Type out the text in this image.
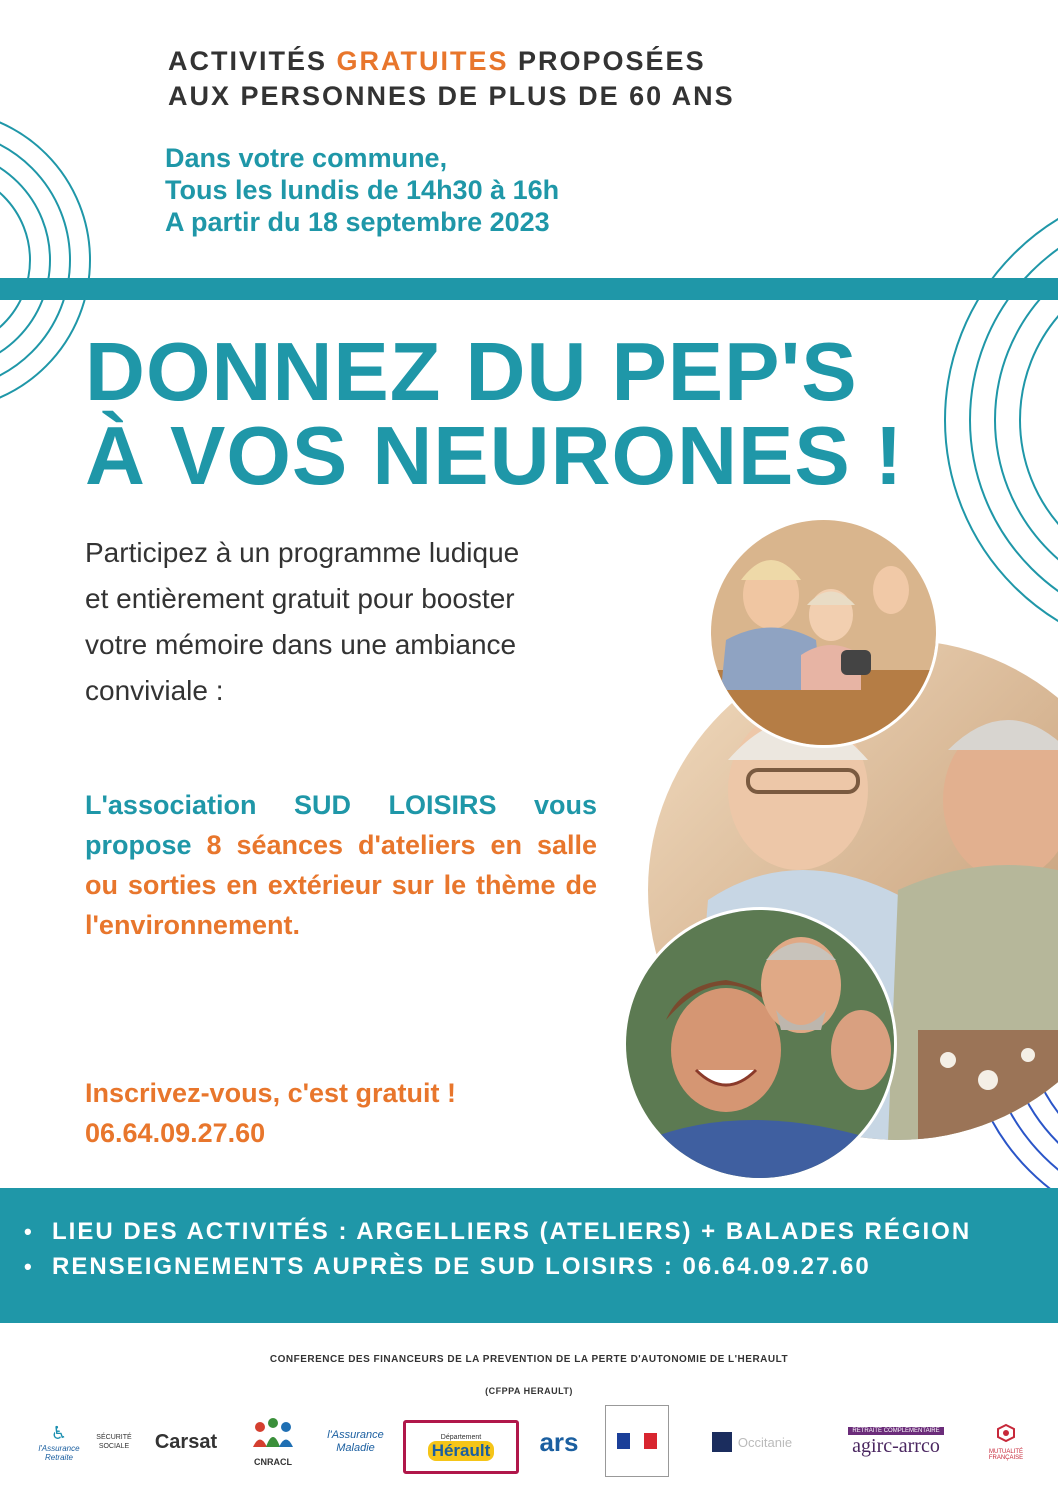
ACTIVITÉS GRATUITES PROPOSÉES
AUX PERSONNES DE PLUS DE 60 ANS
Dans votre commune,
Tous les lundis de 14h30 à 16h
A partir du 18 septembre 2023
DONNEZ DU PEP'S
À VOS NEURONES !
Participez à un programme ludique
et entièrement gratuit pour booster
votre mémoire dans une ambiance
conviviale :
L'association SUD LOISIRS vous propose 8 séances d'ateliers en salle ou sorties en extérieur sur le thème de l'environnement.
Inscrivez-vous, c'est gratuit !
06.64.09.27.60
• LIEU DES ACTIVITÉS : ARGELLIERS (ATELIERS) + BALADES RÉGION
• RENSEIGNEMENTS AUPRÈS DE SUD LOISIRS : 06.64.09.27.60
CONFERENCE DES FINANCEURS DE LA PREVENTION DE LA PERTE D'AUTONOMIE DE L'HERAULT
(CFPPA HERAULT)
♿
l'Assurance Retraite
SÉCURITÉ SOCIALE Carsat
CNRACL
l'Assurance Maladie
Département
Hérault ars	Occitanie
RETRAITE COMPLÉMENTAIRE
agirc-arrco	MUTUALITÉ FRANÇAISE
